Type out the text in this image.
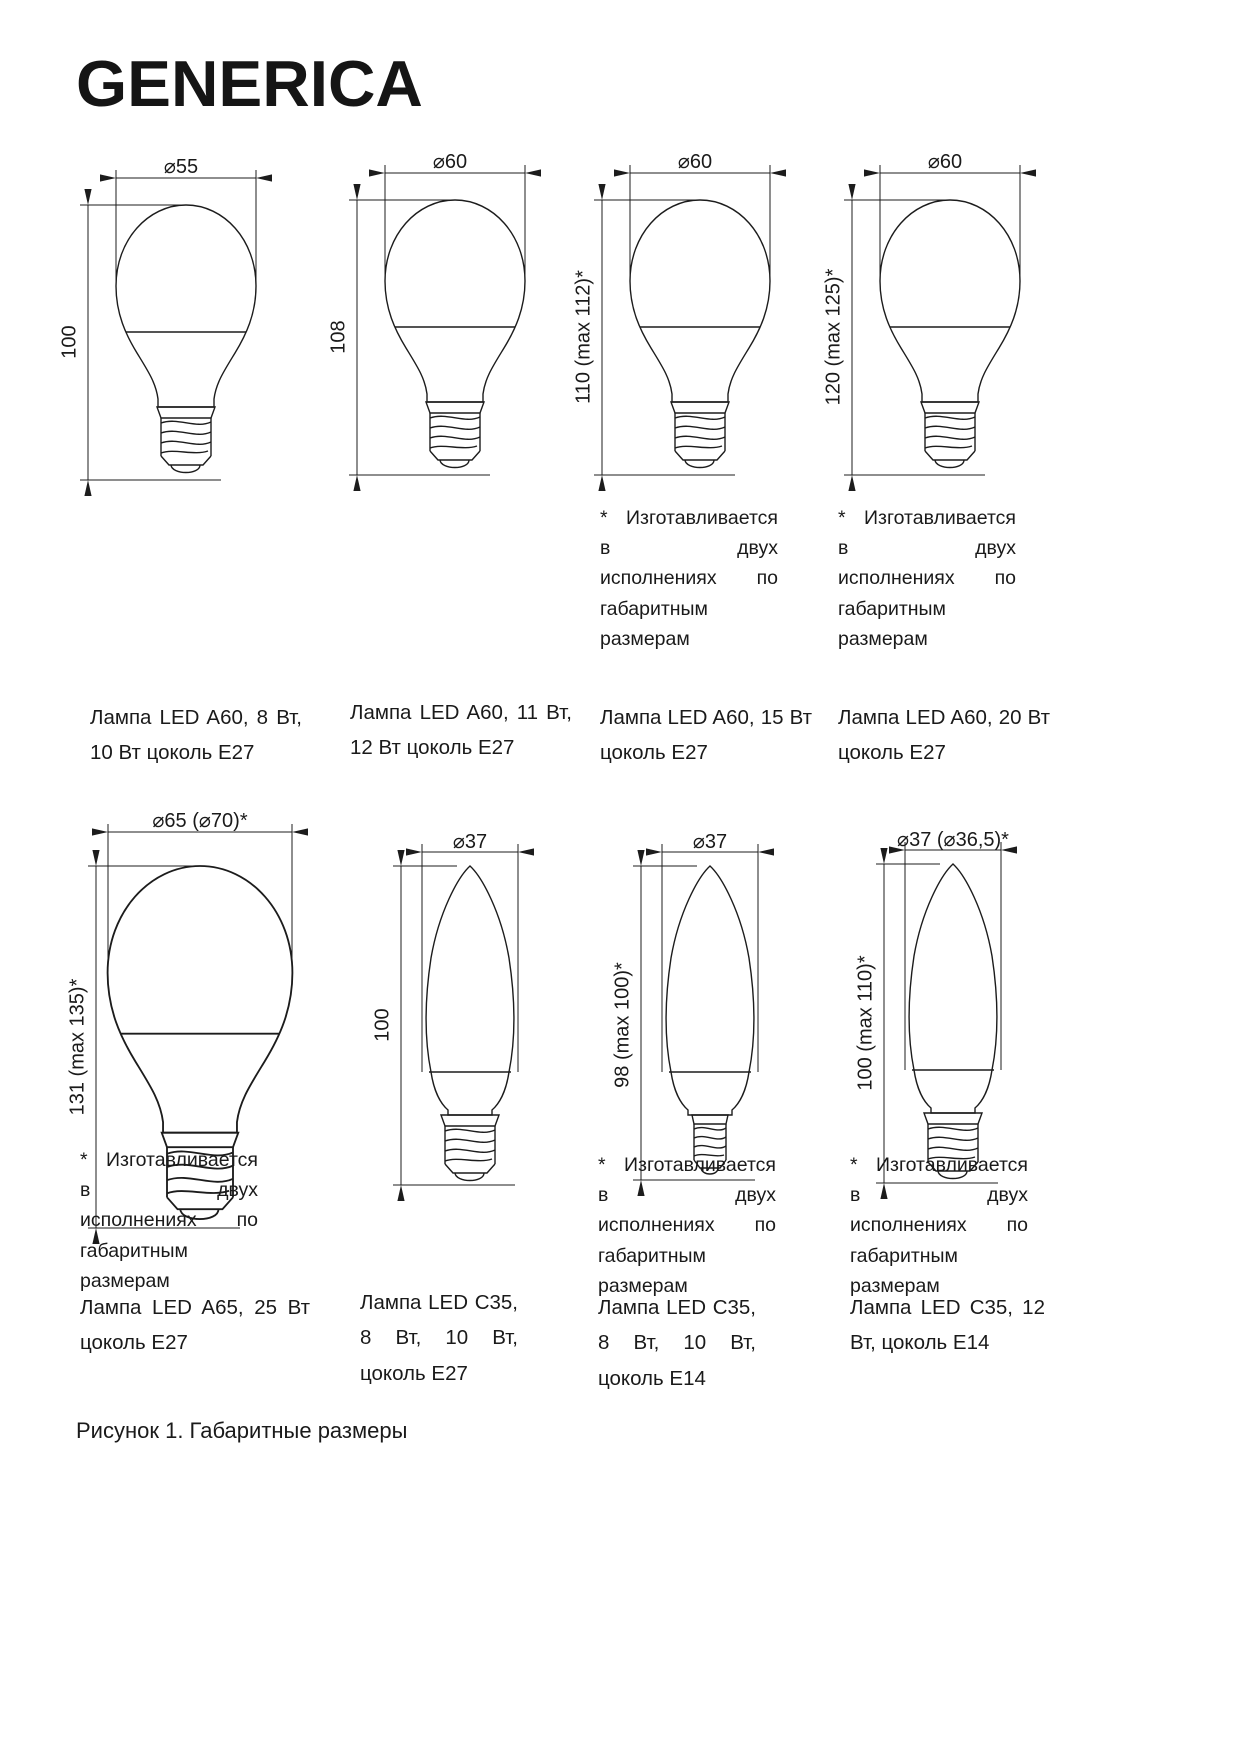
GENERICA
⌀55
100
⌀60
108
⌀60
110 (max 112)*
⌀60
120 (max 125)*
* Изготавливается в двух исполнениях по габаритным размерам
* Изготавливается в двух исполнениях по габаритным размерам
Лампа LED A60, 8 Вт, 10 Вт цоколь E27
Лампа LED A60, 11 Вт, 12 Вт цоколь E27
Лампа LED A60, 15 Вт цоколь E27
Лампа LED A60, 20 Вт цоколь E27
⌀65 (⌀70)*
131 (max 135)*
⌀37
100
⌀37
98 (max 100)*
⌀37 (⌀36,5)*
100 (max 110)*
* Изготавливается в двух исполнениях по габаритным размерам
* Изготавливается в двух исполнениях по габаритным размерам
* Изготавливается в двух исполнениях по габаритным размерам
Лампа LED A65, 25 Вт цоколь E27
Лампа LED C35, 8 Вт, 10 Вт, цоколь E27
Лампа LED C35, 8 Вт, 10 Вт, цоколь E14
Лампа LED C35, 12 Вт, цоколь E14
Рисунок 1. Габаритные размеры
